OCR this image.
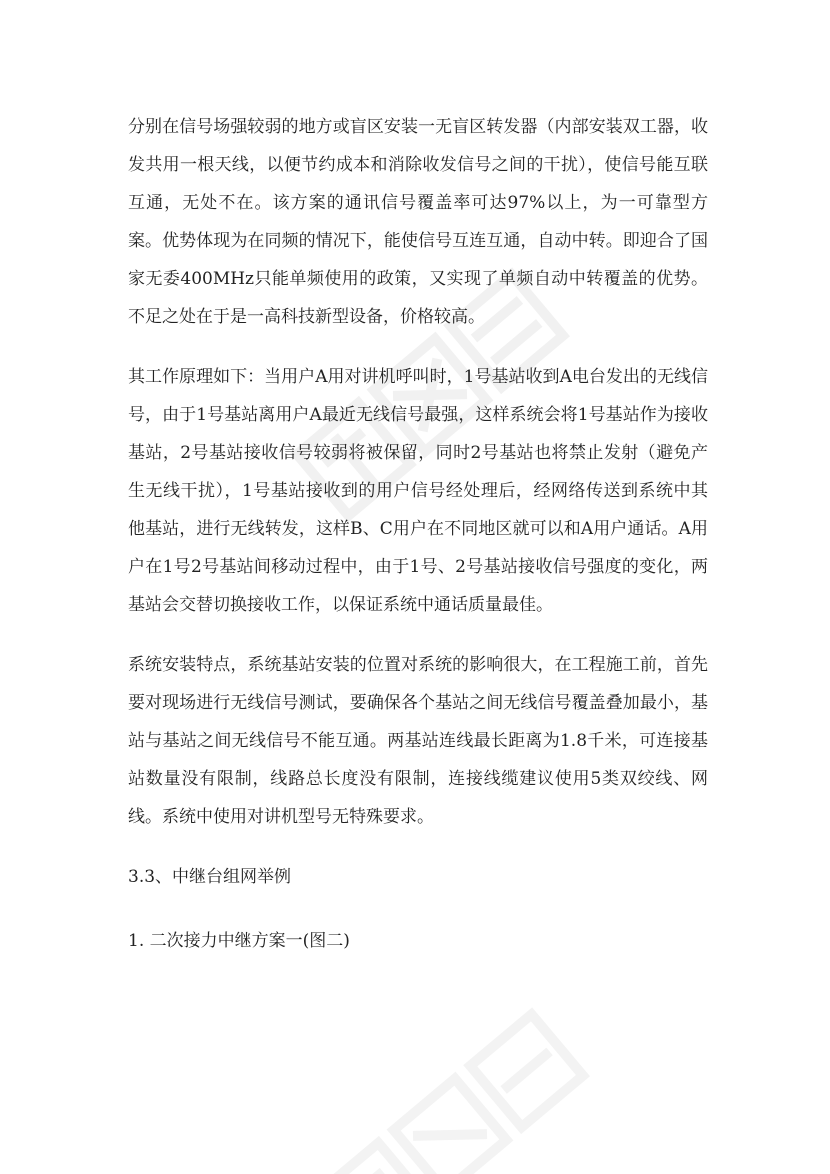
分别在信号场强较弱的地方或盲区安装一无盲区转发器（内部安装双工器，收发共用一根天线，以便节约成本和消除收发信号之间的干扰），使信号能互联互通，无处不在。该方案的通讯信号覆盖率可达97%以上，为一可靠型方案。优势体现为在同频的情况下，能使信号互连互通，自动中转。即迎合了国家无委400MHz只能单频使用的政策，又实现了单频自动中转覆盖的优势。不足之处在于是一高科技新型设备，价格较高。

其工作原理如下：当用户A用对讲机呼叫时，1号基站收到A电台发出的无线信号，由于1号基站离用户A最近无线信号最强，这样系统会将1号基站作为接收基站，2号基站接收信号较弱将被保留，同时2号基站也将禁止发射（避免产生无线干扰），1号基站接收到的用户信号经处理后，经网络传送到系统中其他基站，进行无线转发，这样B、C用户在不同地区就可以和A用户通话。A用户在1号2号基站间移动过程中，由于1号、2号基站接收信号强度的变化，两基站会交替切换接收工作，以保证系统中通话质量最佳。

系统安装特点，系统基站安装的位置对系统的影响很大，在工程施工前，首先要对现场进行无线信号测试，要确保各个基站之间无线信号覆盖叠加最小，基站与基站之间无线信号不能互通。两基站连线最长距离为1.8千米，可连接基站数量没有限制，线路总长度没有限制，连接线缆建议使用5类双绞线、网线。系统中使用对讲机型号无特殊要求。

3.3、中继台组网举例

1. 二次接力中继方案一(图二)
